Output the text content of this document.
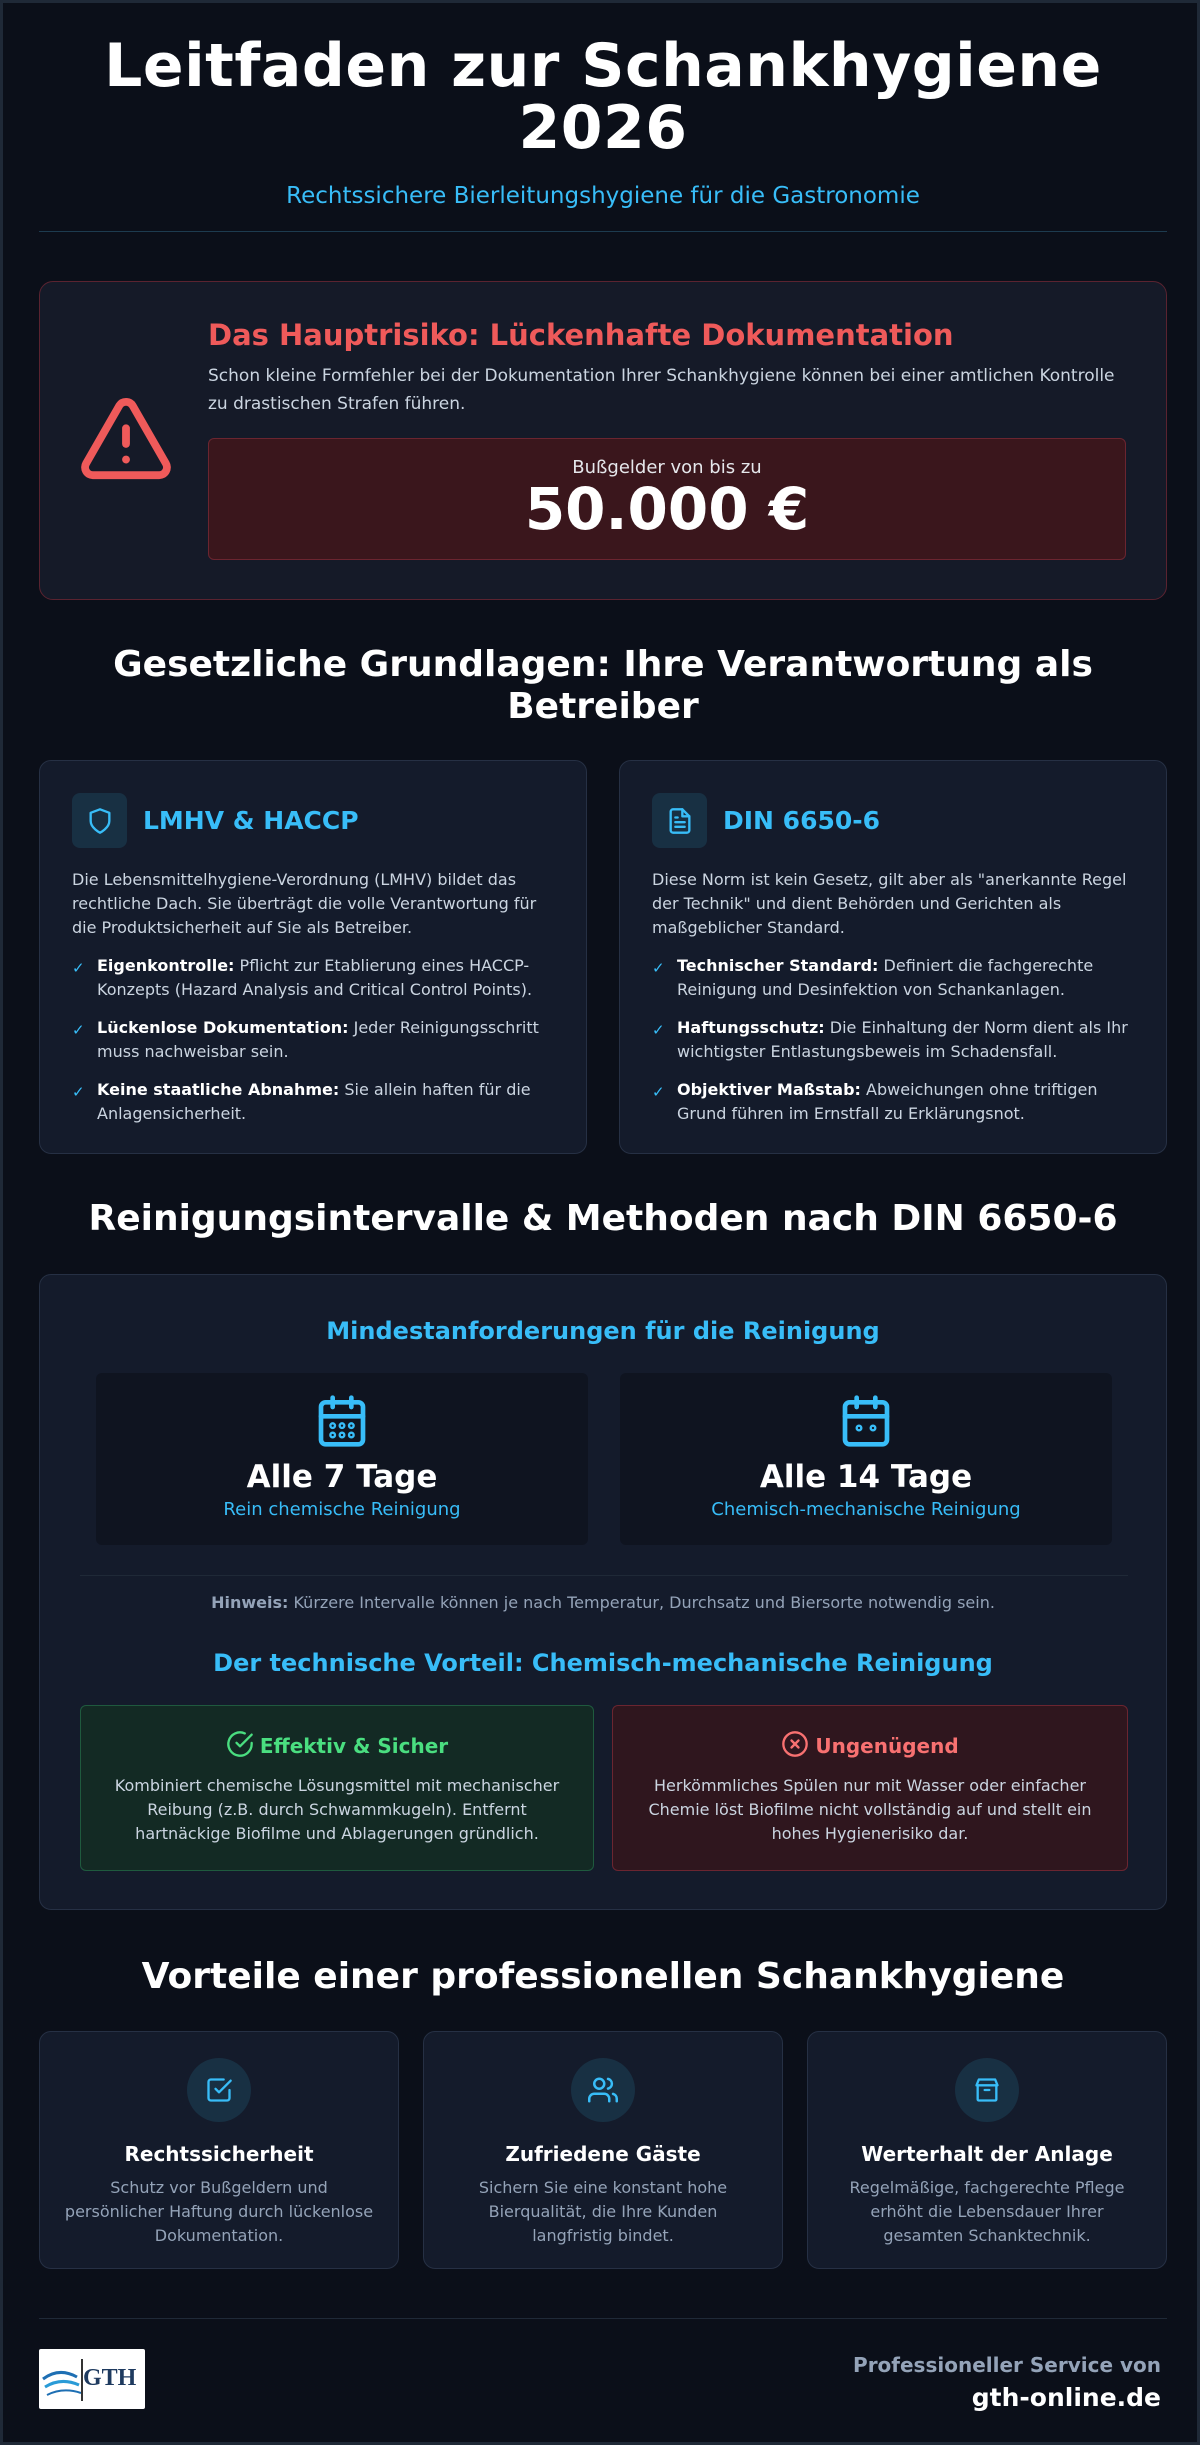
Leitfaden zur Schankhygiene
2026
Rechtssichere Bierleitungshygiene für die Gastronomie
Das Hauptrisiko: Lückenhafte Dokumentation
Schon kleine Formfehler bei der Dokumentation Ihrer Schankhygiene können bei einer amtlichen Kontrolle zu drastischen Strafen führen.
Bußgelder von bis zu
50.000 €
Gesetzliche Grundlagen: Ihre Verantwortung als
Betreiber
LMHV & HACCP
Die Lebensmittelhygiene-Verordnung (LMHV) bildet das rechtliche Dach. Sie überträgt die volle Verantwortung für die Produktsicherheit auf Sie als Betreiber.
✓ Eigenkontrolle: Pflicht zur Etablierung eines HACCP-Konzepts (Hazard Analysis and Critical Control Points).
✓ Lückenlose Dokumentation: Jeder Reinigungsschritt muss nachweisbar sein.
✓ Keine staatliche Abnahme: Sie allein haften für die Anlagensicherheit.
DIN 6650-6
Diese Norm ist kein Gesetz, gilt aber als "anerkannte Regel der Technik" und dient Behörden und Gerichten als maßgeblicher Standard.
✓ Technischer Standard: Definiert die fachgerechte Reinigung und Desinfektion von Schankanlagen.
✓ Haftungsschutz: Die Einhaltung der Norm dient als Ihr wichtigster Entlastungsbeweis im Schadensfall.
✓ Objektiver Maßstab: Abweichungen ohne triftigen Grund führen im Ernstfall zu Erklärungsnot.
Reinigungsintervalle & Methoden nach DIN 6650-6
Mindestanforderungen für die Reinigung
Alle 7 Tage
Rein chemische Reinigung
Alle 14 Tage
Chemisch-mechanische Reinigung
Hinweis: Kürzere Intervalle können je nach Temperatur, Durchsatz und Biersorte notwendig sein.
Der technische Vorteil: Chemisch-mechanische Reinigung
Effektiv & Sicher
Kombiniert chemische Lösungsmittel mit mechanischer Reibung (z.B. durch Schwammkugeln). Entfernt hartnäckige Biofilme und Ablagerungen gründlich.
Ungenügend
Herkömmliches Spülen nur mit Wasser oder einfacher Chemie löst Biofilme nicht vollständig auf und stellt ein hohes Hygienerisiko dar.
Vorteile einer professionellen Schankhygiene
Rechtssicherheit
Schutz vor Bußgeldern und persönlicher Haftung durch lückenlose Dokumentation.
Zufriedene Gäste
Sichern Sie eine konstant hohe Bierqualität, die Ihre Kunden langfristig bindet.
Werterhalt der Anlage
Regelmäßige, fachgerechte Pflege erhöht die Lebensdauer Ihrer gesamten Schanktechnik.
GTH	Professioneller Service von
gth-online.de
